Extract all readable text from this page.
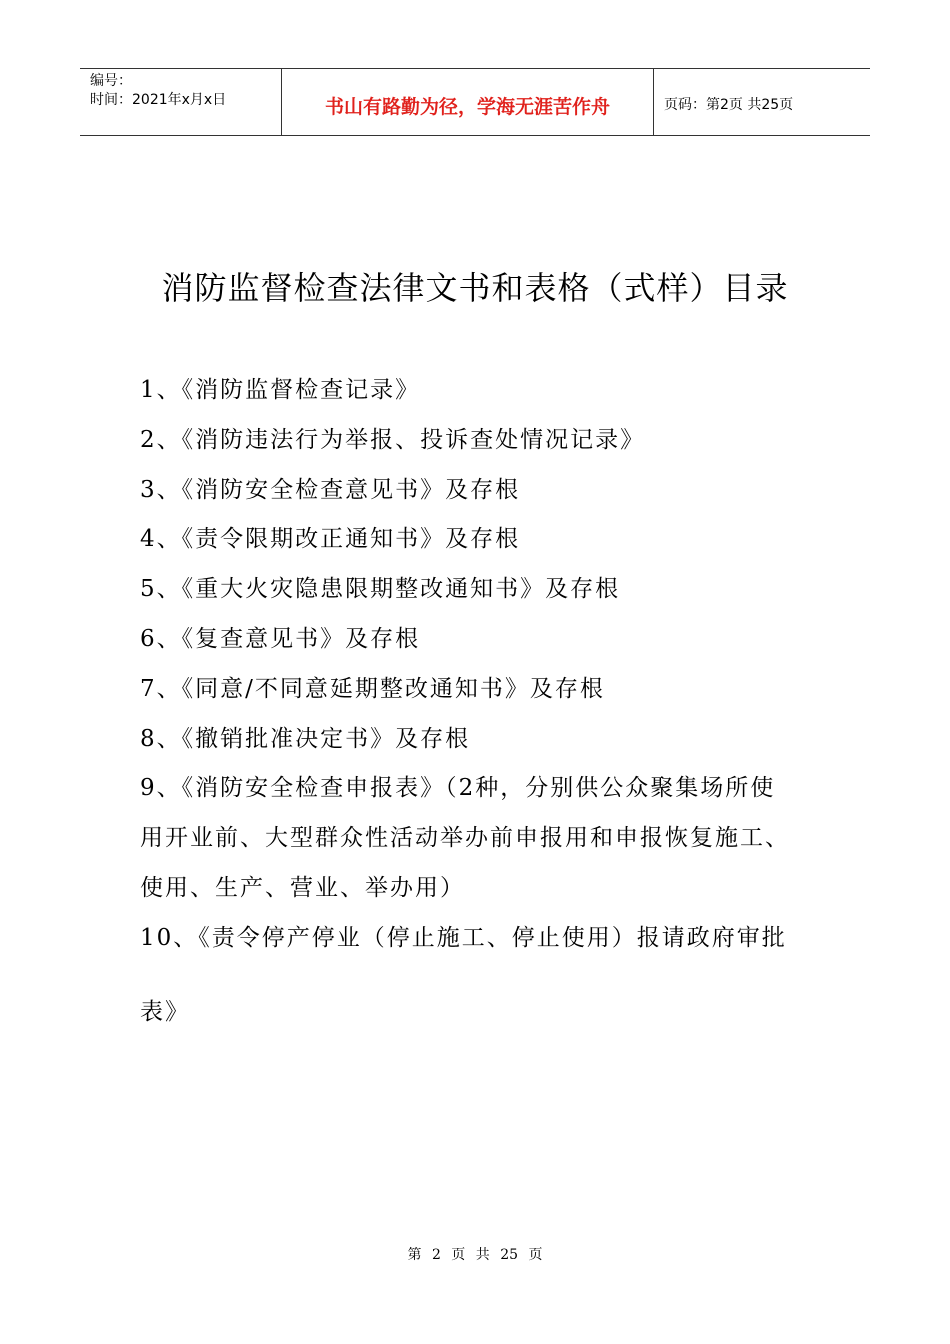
编号：
时间：2021年x月x日	书山有路勤为径，学海无涯苦作舟	页码：第2页 共25页
消防监督检查法律文书和表格（式样）目录
1、《消防监督检查记录》
2、《消防违法行为举报、投诉查处情况记录》
3、《消防安全检查意见书》及存根
4、《责令限期改正通知书》及存根
5、《重大火灾隐患限期整改通知书》及存根
6、《复查意见书》及存根
7、《同意/不同意延期整改通知书》及存根
8、《撤销批准决定书》及存根
9、《消防安全检查申报表》（2种，分别供公众聚集场所使
用开业前、大型群众性活动举办前申报用和申报恢复施工、
使用、生产、营业、举办用）
10、《责令停产停业（停止施工、停止使用）报请政府审批
表》
第 2 页 共 25 页
